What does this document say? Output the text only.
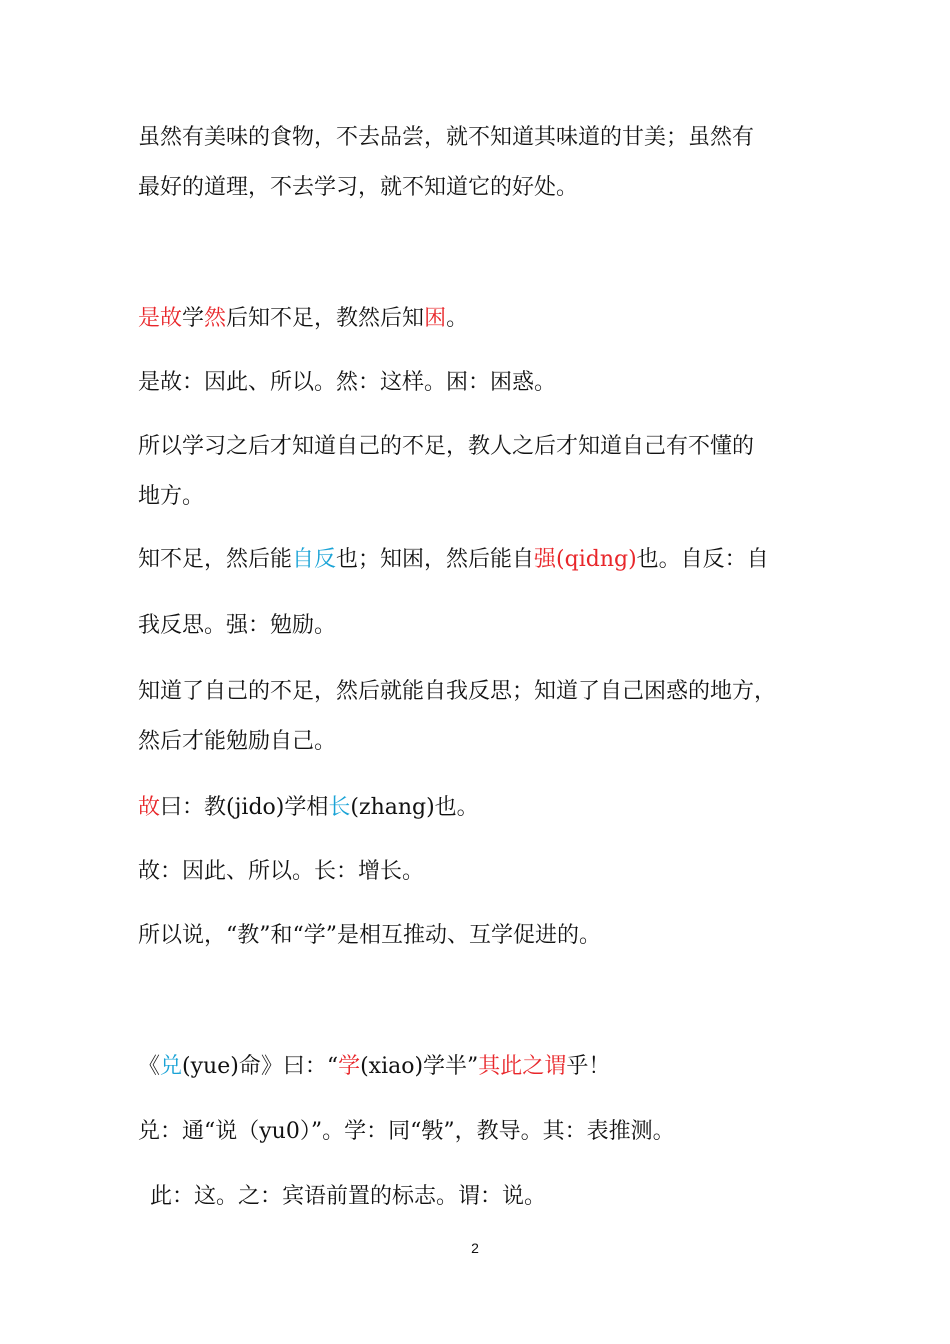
虽然有美味的食物，不去品尝，就不知道其味道的甘美；虽然有
最好的道理，不去学习，就不知道它的好处。
是故学然后知不足，教然后知困。
是故：因此、所以。然：这样。困：困惑。
所以学习之后才知道自己的不足，教人之后才知道自己有不懂的
地方。
知不足，然后能自反也；知困，然后能自强(qidng)也。自反：自
我反思。强：勉励。
知道了自己的不足，然后就能自我反思；知道了自己困惑的地方，
然后才能勉励自己。
故曰：教(jido)学相长(zhang)也。
故：因此、所以。长：增长。
所以说，“教”和“学”是相互推动、互学促进的。
《兑(yue)命》曰：“学(xiao)学半”其此之谓乎！
兑：通“说（yu0）”。学：同“斅”，教导。其：表推测。
此：这。之：宾语前置的标志。谓：说。
2
